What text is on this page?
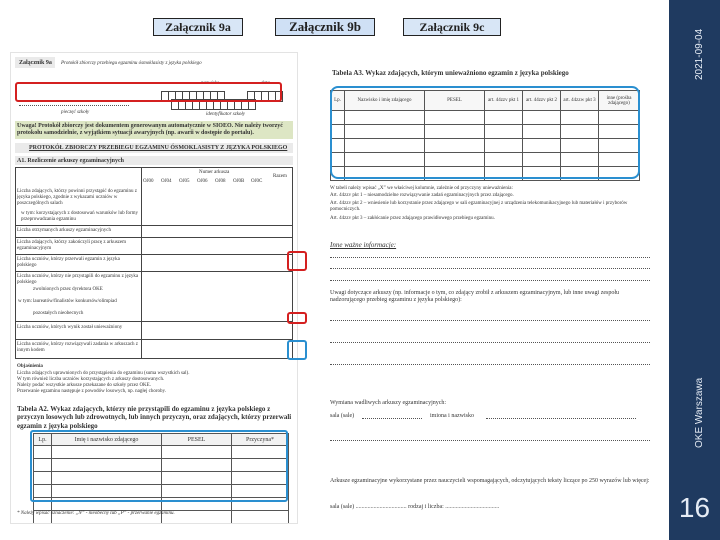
Załącznik 9a	Załącznik 9b	Załącznik 9c
2021-09-04
OKE Warszawa
16
Załącznik 9a Protokół zbiorczy przebiegu egzaminu ósmoklasisty z języka polskiego
nazwisko	data
pieczęć szkoły	identyfikator szkoły
Uwaga! Protokół zbiorczy jest dokumentem generowanym automatycznie w SIOEO. Nie należy tworzyć protokołu samodzielnie, z wyjątkiem sytuacji awaryjnych (np. awarii w dostępie do portalu).
PROTOKÓŁ ZBIORCZY PRZEBIEGU EGZAMINU ÓSMOKLASISTY Z JĘZYKA POLSKIEGO
A1. Rozliczenie arkuszy egzaminacyjnych
Numer arkusza
OJ00 OJ04 OJ05 OJ06 OJ08 OJ0B OJ0C
Razem
Liczba zdających, którzy powinni przystąpić do egzaminu z języka polskiego, zgodnie z wykazami uczniów w poszczególnych salach
w tym: korzystających z dostosowań warunków lub formy przeprowadzania egzaminu
Liczba otrzymanych arkuszy egzaminacyjnych
Liczba zdających, którzy zakończyli pracę z arkuszem egzaminacyjnym
Liczba uczniów, którzy przerwali egzamin z języka polskiego
Liczba uczniów, którzy nie przystąpili do egzaminu z języka polskiego
w tym:
zwolnionych przez dyrektora OKE
laureatów/finalistów konkursów/olimpiad
pozostałych nieobecnych
Liczba uczniów, których wynik został unieważniony
Liczba uczniów, którzy rozwiązywali zadania w arkuszach z innym kodem
Objaśnienia
Liczba zdających uprawnionych do przystąpienia do egzaminu (suma wszystkich sal).
W tym również liczba uczniów korzystających z arkuszy dostosowanych.
Należy podać wszystkie arkusze przekazane do szkoły przez OKE.
Przerwanie egzaminu następuje z powodów losowych, np. nagłej choroby.
Tabela A2. Wykaz zdających, którzy nie przystąpili do egzaminu z języka polskiego z przyczyn losowych lub zdrowotnych, lub innych przyczyn, oraz zdających, którzy przerwali egzamin z języka polskiego
Lp.	Imię i nazwisko zdającego	PESEL	Przyczyna*

* Należy wpisać oznaczenie: „N” - nieobecny lub „P” - przerwanie egzaminu.
Tabela A3. Wykaz zdających, którym unieważniono egzamin z języka polskiego
Lp.	Nazwisko i imię zdającego	PESEL	art. 44zzv pkt 1	art. 44zzv pkt 2	art. 44zzw pkt 3	inne (prośba zdającego)

W tabeli należy wpisać „X” we właściwej kolumnie, zależnie od przyczyny unieważnienia:
Art. 44zzv pkt 1 – niesamodzielne rozwiązywanie zadań egzaminacyjnych przez zdającego.
Art. 44zzv pkt 2 – wniesienie lub korzystanie przez zdającego w sali egzaminacyjnej z urządzenia telekomunikacyjnego lub materiałów i przyborów pomocniczych.
Art. 44zzv pkt 3 – zakłócanie przez zdającego prawidłowego przebiegu egzaminu.
Inne ważne informacje:
Uwagi dotyczące arkuszy (np. informacje o tym, co zdający zrobił z arkuszem egzaminacyjnym, lub inne uwagi zespołu nadzorującego przebieg egzaminu z języka polskiego):
Wymiana wadliwych arkuszy egzaminacyjnych:
sala (sale)	imiona i nazwisko
Arkusze egzaminacyjne wykorzystane przez nauczycieli wspomagających, odczytujących teksty liczące po 250 wyrazów lub więcej:
sala (sale) .................................. rodzaj i liczba: ....................................
